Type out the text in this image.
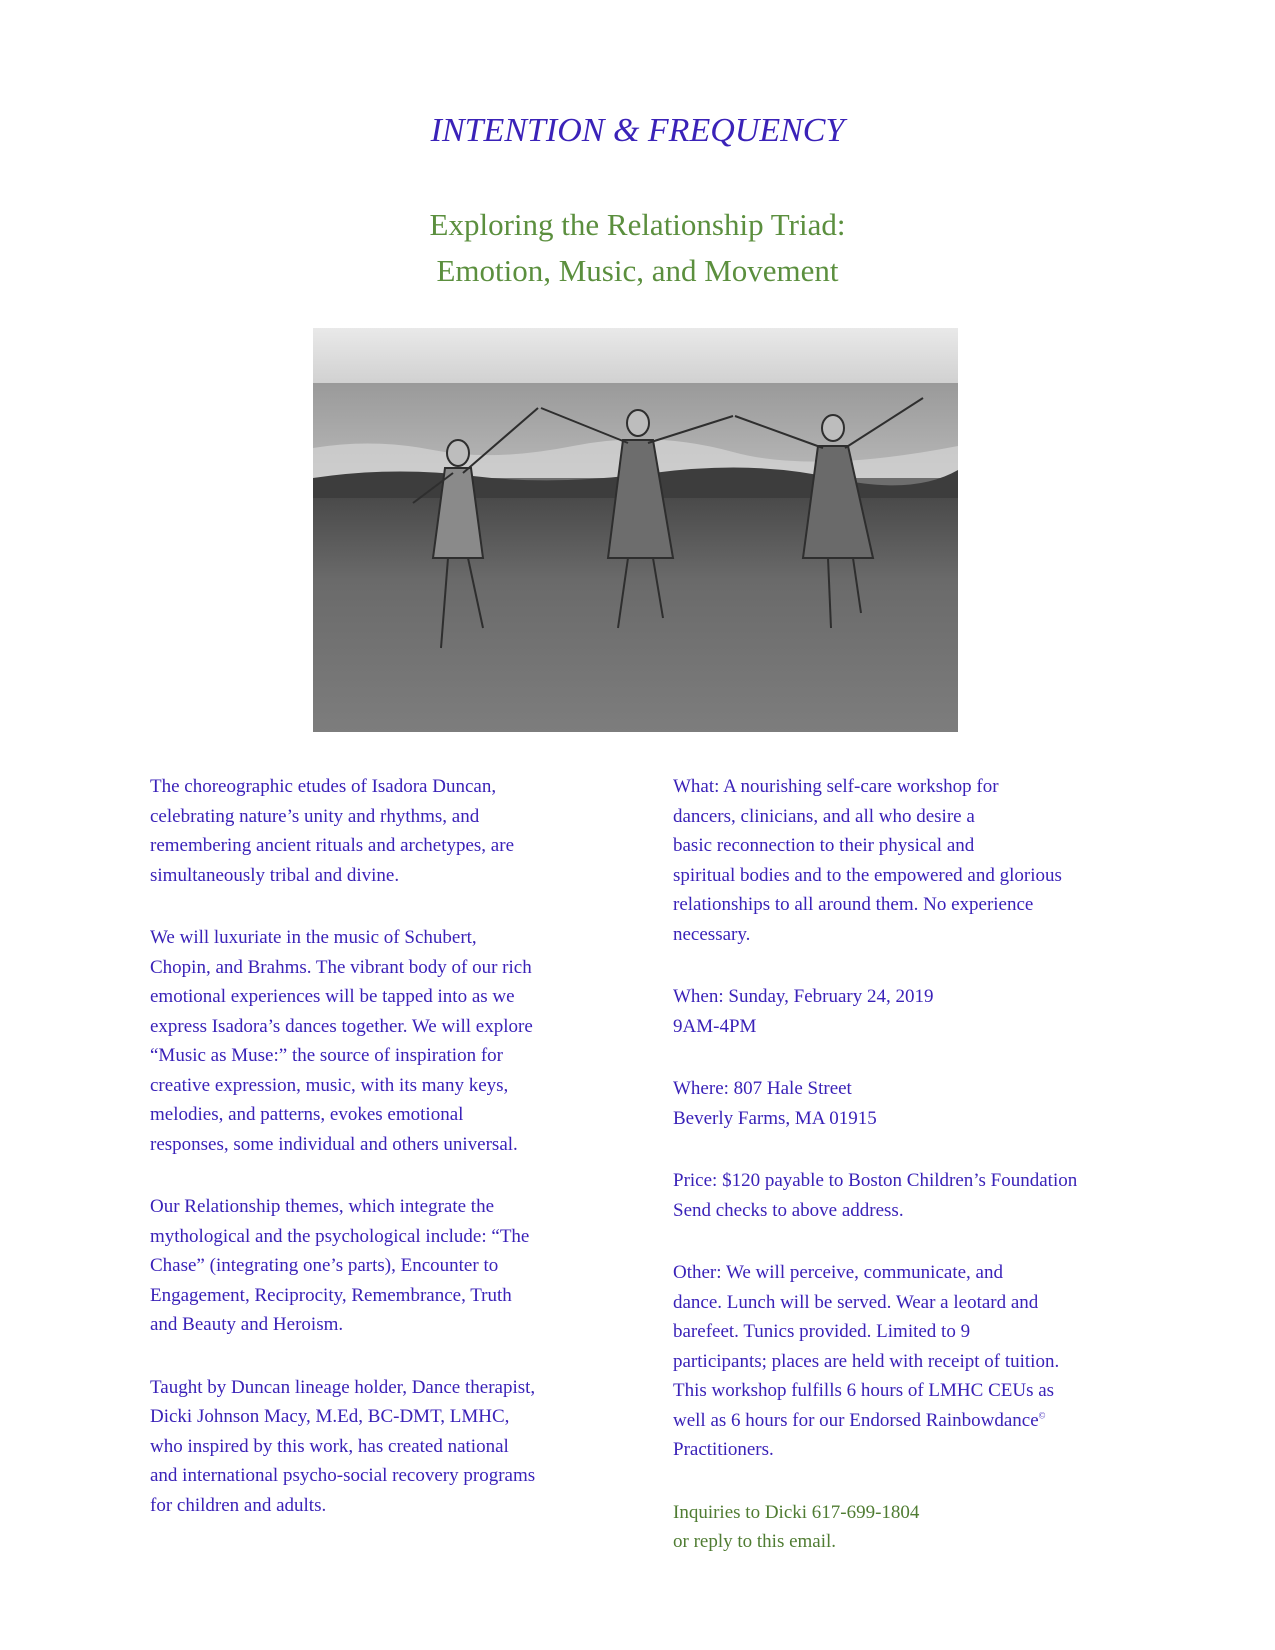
INTENTION & FREQUENCY
Exploring the Relationship Triad:
Emotion, Music, and Movement

The choreographic etudes of Isadora Duncan,
celebrating nature’s unity and rhythms, and
remembering ancient rituals and archetypes, are
simultaneously tribal and divine.

We will luxuriate in the music of Schubert,
Chopin, and Brahms. The vibrant body of our rich
emotional experiences will be tapped into as we
express Isadora’s dances together. We will explore
“Music as Muse:” the source of inspiration for
creative expression, music, with its many keys,
melodies, and patterns, evokes emotional
responses, some individual and others universal.

Our Relationship themes, which integrate the
mythological and the psychological include: “The
Chase” (integrating one’s parts), Encounter to
Engagement, Reciprocity, Remembrance, Truth
and Beauty and Heroism.

Taught by Duncan lineage holder, Dance therapist,
Dicki Johnson Macy, M.Ed, BC-DMT, LMHC,
who inspired by this work, has created national
and international psycho-social recovery programs
for children and adults.

What: A nourishing self-care workshop for
dancers, clinicians, and all who desire a
basic reconnection to their physical and
spiritual bodies and to the empowered and glorious
relationships to all around them. No experience
necessary.

When: Sunday, February 24, 2019
9AM-4PM

Where: 807 Hale Street
Beverly Farms, MA 01915

Price: $120 payable to Boston Children’s Foundation
Send checks to above address.

Other: We will perceive, communicate, and
dance. Lunch will be served. Wear a leotard and
barefeet. Tunics provided. Limited to 9
participants; places are held with receipt of tuition.
This workshop fulfills 6 hours of LMHC CEUs as
well as 6 hours for our Endorsed Rainbowdance©
Practitioners.

Inquiries to Dicki 617-699-1804
or reply to this email.
